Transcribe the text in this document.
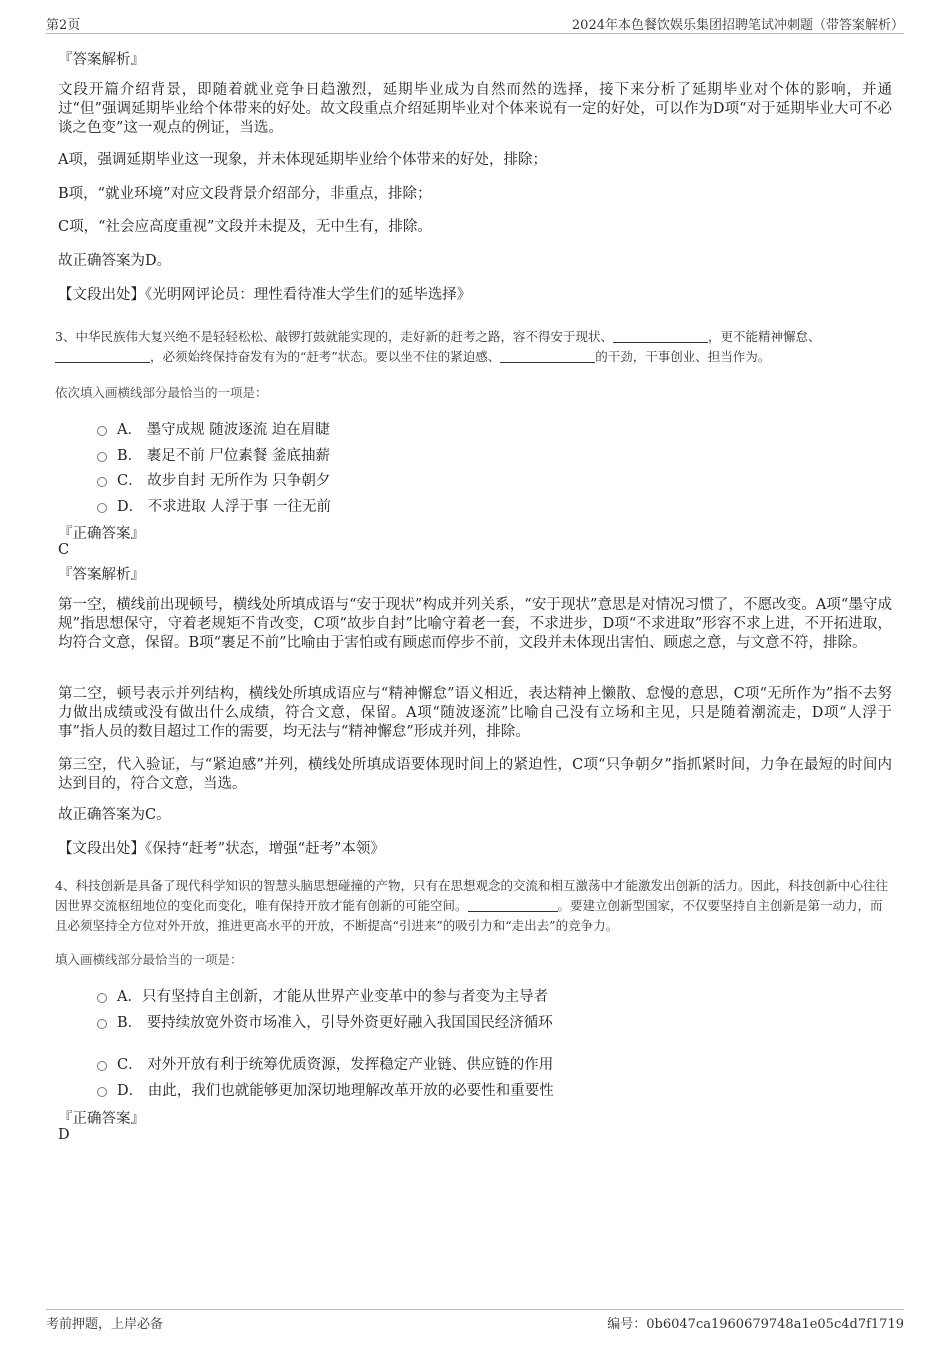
第2页	2024年本色餐饮娱乐集团招聘笔试冲刺题（带答案解析）
『答案解析』
文段开篇介绍背景，即随着就业竞争日趋激烈，延期毕业成为自然而然的选择，接下来分析了延期毕业对个体的影响，并通过“但”强调延期毕业给个体带来的好处。故文段重点介绍延期毕业对个体来说有一定的好处，可以作为D项“对于延期毕业大可不必谈之色变”这一观点的例证，当选。
A项，强调延期毕业这一现象，并未体现延期毕业给个体带来的好处，排除；
B项，“就业环境”对应文段背景介绍部分，非重点，排除；
C项，“社会应高度重视”文段并未提及，无中生有，排除。
故正确答案为D。
【文段出处】《光明网评论员：理性看待准大学生们的延毕选择》
3、中华民族伟大复兴绝不是轻轻松松、敲锣打鼓就能实现的，走好新的赶考之路，容不得安于现状、	，更不能精神懈怠、，必须始终保持奋发有为的“赶考”状态。要以坐不住的紧迫感、	的干劲，干事创业、担当作为。
依次填入画横线部分最恰当的一项是：
A． 墨守成规 随波逐流 迫在眉睫
B． 裹足不前 尸位素餐 釜底抽薪
C． 故步自封 无所作为 只争朝夕
D． 不求进取 人浮于事 一往无前
『正确答案』
C
『答案解析』
第一空，横线前出现顿号，横线处所填成语与“安于现状”构成并列关系，“安于现状”意思是对情况习惯了，不愿改变。A项“墨守成规”指思想保守，守着老规矩不肯改变，C项“故步自封”比喻守着老一套，不求进步，D项“不求进取”形容不求上进，不开拓进取，均符合文意，保留。B项“裹足不前”比喻由于害怕或有顾虑而停步不前，文段并未体现出害怕、顾虑之意，与文意不符，排除。
第二空，顿号表示并列结构，横线处所填成语应与“精神懈怠”语义相近，表达精神上懒散、怠慢的意思，C项“无所作为”指不去努力做出成绩或没有做出什么成绩，符合文意，保留。A项“随波逐流”比喻自己没有立场和主见，只是随着潮流走，D项“人浮于事”指人员的数目超过工作的需要，均无法与“精神懈怠”形成并列，排除。
第三空，代入验证，与“紧迫感”并列，横线处所填成语要体现时间上的紧迫性，C项“只争朝夕”指抓紧时间，力争在最短的时间内达到目的，符合文意，当选。
故正确答案为C。
【文段出处】《保持“赶考”状态，增强“赶考”本领》
4、科技创新是具备了现代科学知识的智慧头脑思想碰撞的产物，只有在思想观念的交流和相互激荡中才能激发出创新的活力。因此，科技创新中心往往因世界交流枢纽地位的变化而变化，唯有保持开放才能有创新的可能空间。	。要建立创新型国家，不仅要坚持自主创新是第一动力，而且必须坚持全方位对外开放，推进更高水平的开放，不断提高“引进来”的吸引力和“走出去”的竞争力。
填入画横线部分最恰当的一项是：
A．只有坚持自主创新，才能从世界产业变革中的参与者变为主导者
B． 要持续放宽外资市场准入，引导外资更好融入我国国民经济循环
C． 对外开放有利于统筹优质资源，发挥稳定产业链、供应链的作用
D． 由此，我们也就能够更加深切地理解改革开放的必要性和重要性
『正确答案』
D
考前押题，上岸必备	编号：0b6047ca1960679748a1e05c4d7f1719
